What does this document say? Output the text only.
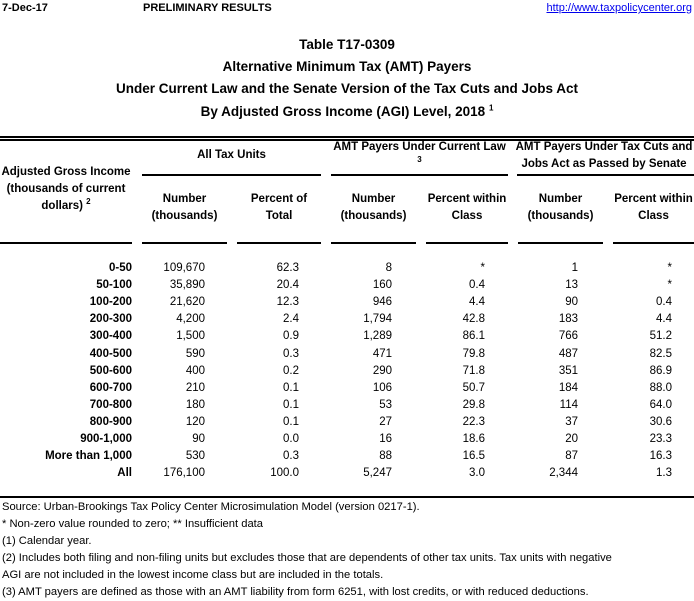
7-Dec-17	PRELIMINARY RESULTS	http://www.taxpolicycenter.org
Table T17-0309
Alternative Minimum Tax (AMT) Payers
Under Current Law and the Senate Version of the Tax Cuts and Jobs Act
By Adjusted Gross Income (AGI) Level, 2018 $^1$
Adjusted Gross Income (thousands of current dollars) $^2$
All Tax Units
AMT Payers Under Current Law $^3$
AMT Payers Under Tax Cuts and Jobs Act as Passed by Senate
Number (thousands)
Percent of Total
Number (thousands)
Percent within Class
Number (thousands)
Percent within Class
0-50	109,670	62.3	8	*	1	*
50-100	35,890	20.4	160	0.4	13	*
100-200	21,620	12.3	946	4.4	90	0.4
200-300	4,200	2.4	1,794	42.8	183	4.4
300-400	1,500	0.9	1,289	86.1	766	51.2
400-500	590	0.3	471	79.8	487	82.5
500-600	400	0.2	290	71.8	351	86.9
600-700	210	0.1	106	50.7	184	88.0
700-800	180	0.1	53	29.8	114	64.0
800-900	120	0.1	27	22.3	37	30.6
900-1,000	90	0.0	16	18.6	20	23.3
More than 1,000	530	0.3	88	16.5	87	16.3
All	176,100	100.0	5,247	3.0	2,344	1.3
Source: Urban-Brookings Tax Policy Center Microsimulation Model (version 0217-1).
* Non-zero value rounded to zero; ** Insufficient data
(1) Calendar year.
(2) Includes both filing and non-filing units but excludes those that are dependents of other tax units. Tax units with negative
AGI are not included in the lowest income class but are included in the totals.
(3) AMT payers are defined as those with an AMT liability from form 6251, with lost credits, or with reduced deductions.
